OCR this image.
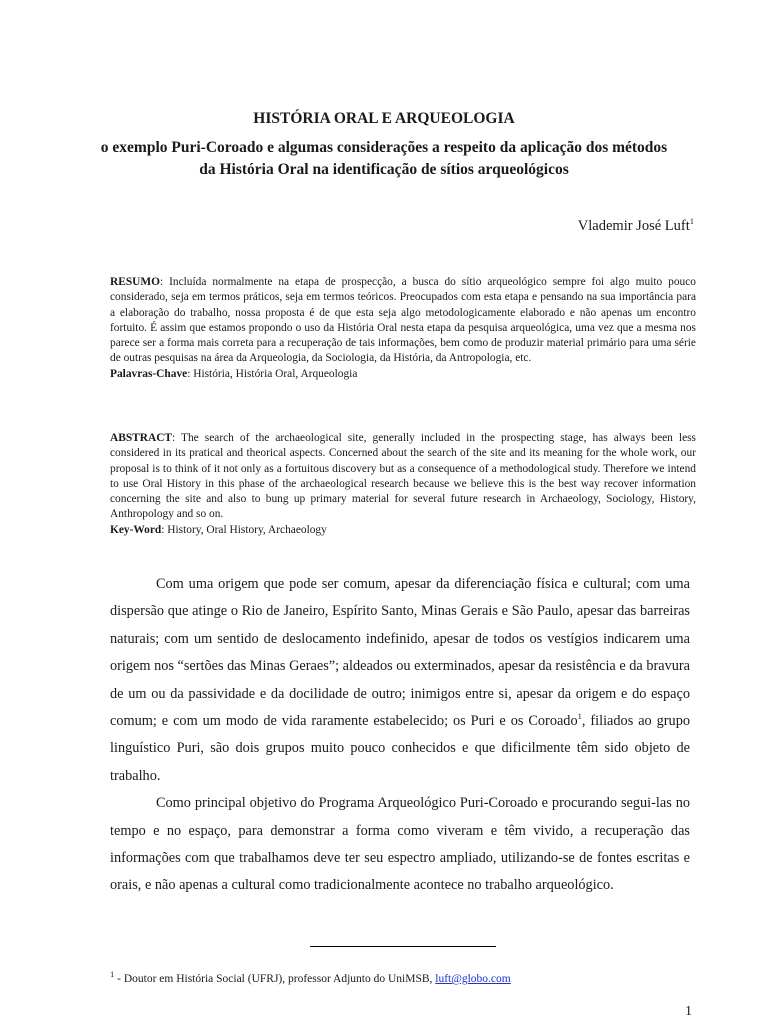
HISTÓRIA ORAL E ARQUEOLOGIA

o exemplo Puri-Coroado e algumas considerações a respeito da aplicação dos métodos

da História Oral na identificação de sítios arqueológicos

Vlademir José Luft$^1$

RESUMO: Incluída normalmente na etapa de prospecção, a busca do sítio arqueológico sempre foi algo muito pouco considerado, seja em termos práticos, seja em termos teóricos. Preocupados com esta etapa e pensando na sua importância para a elaboração do trabalho, nossa proposta é de que esta seja algo metodologicamente elaborado e não apenas um encontro fortuito. É assim que estamos propondo o uso da História Oral nesta etapa da pesquisa arqueológica, uma vez que a mesma nos parece ser a forma mais correta para a recuperação de tais informações, bem como de produzir material primário para uma série de outras pesquisas na área da Arqueologia, da Sociologia, da História, da Antropologia, etc.

Palavras-Chave: História, História Oral, Arqueologia

ABSTRACT: The search of the archaeological site, generally included in the prospecting stage, has always been less considered in its pratical and theorical aspects. Concerned about the search of the site and its meaning for the whole work, our proposal is to think of it not only as a fortuitous discovery but as a consequence of a methodological study. Therefore we intend to use Oral History in this phase of the archaeological research because we believe this is the best way recover information concerning the site and also to bung up primary material for several future research in Archaeology, Sociology, History, Anthropology and so on.

Key-Word: History, Oral History, Archaeology

Com uma origem que pode ser comum, apesar da diferenciação física e cultural; com uma dispersão que atinge o Rio de Janeiro, Espírito Santo, Minas Gerais e São Paulo, apesar das barreiras naturais; com um sentido de deslocamento indefinido, apesar de todos os vestígios indicarem uma origem nos “sertões das Minas Geraes”; aldeados ou exterminados, apesar da resistência e da bravura de um ou da passividade e da docilidade de outro; inimigos entre si, apesar da origem e do espaço comum; e com um modo de vida raramente estabelecido; os Puri e os Coroado$^1$, filiados ao grupo linguístico Puri, são dois grupos muito pouco conhecidos e que dificilmente têm sido objeto de trabalho.

Como principal objetivo do Programa Arqueológico Puri-Coroado e procurando segui-las no tempo e no espaço, para demonstrar a forma como viveram e têm vivido, a recuperação das informações com que trabalhamos deve ter seu espectro ampliado, utilizando-se de fontes escritas e orais, e não apenas a cultural como tradicionalmente acontece no trabalho arqueológico.

$^1$ - Doutor em História Social (UFRJ), professor Adjunto do UniMSB, luft@globo.com
1
